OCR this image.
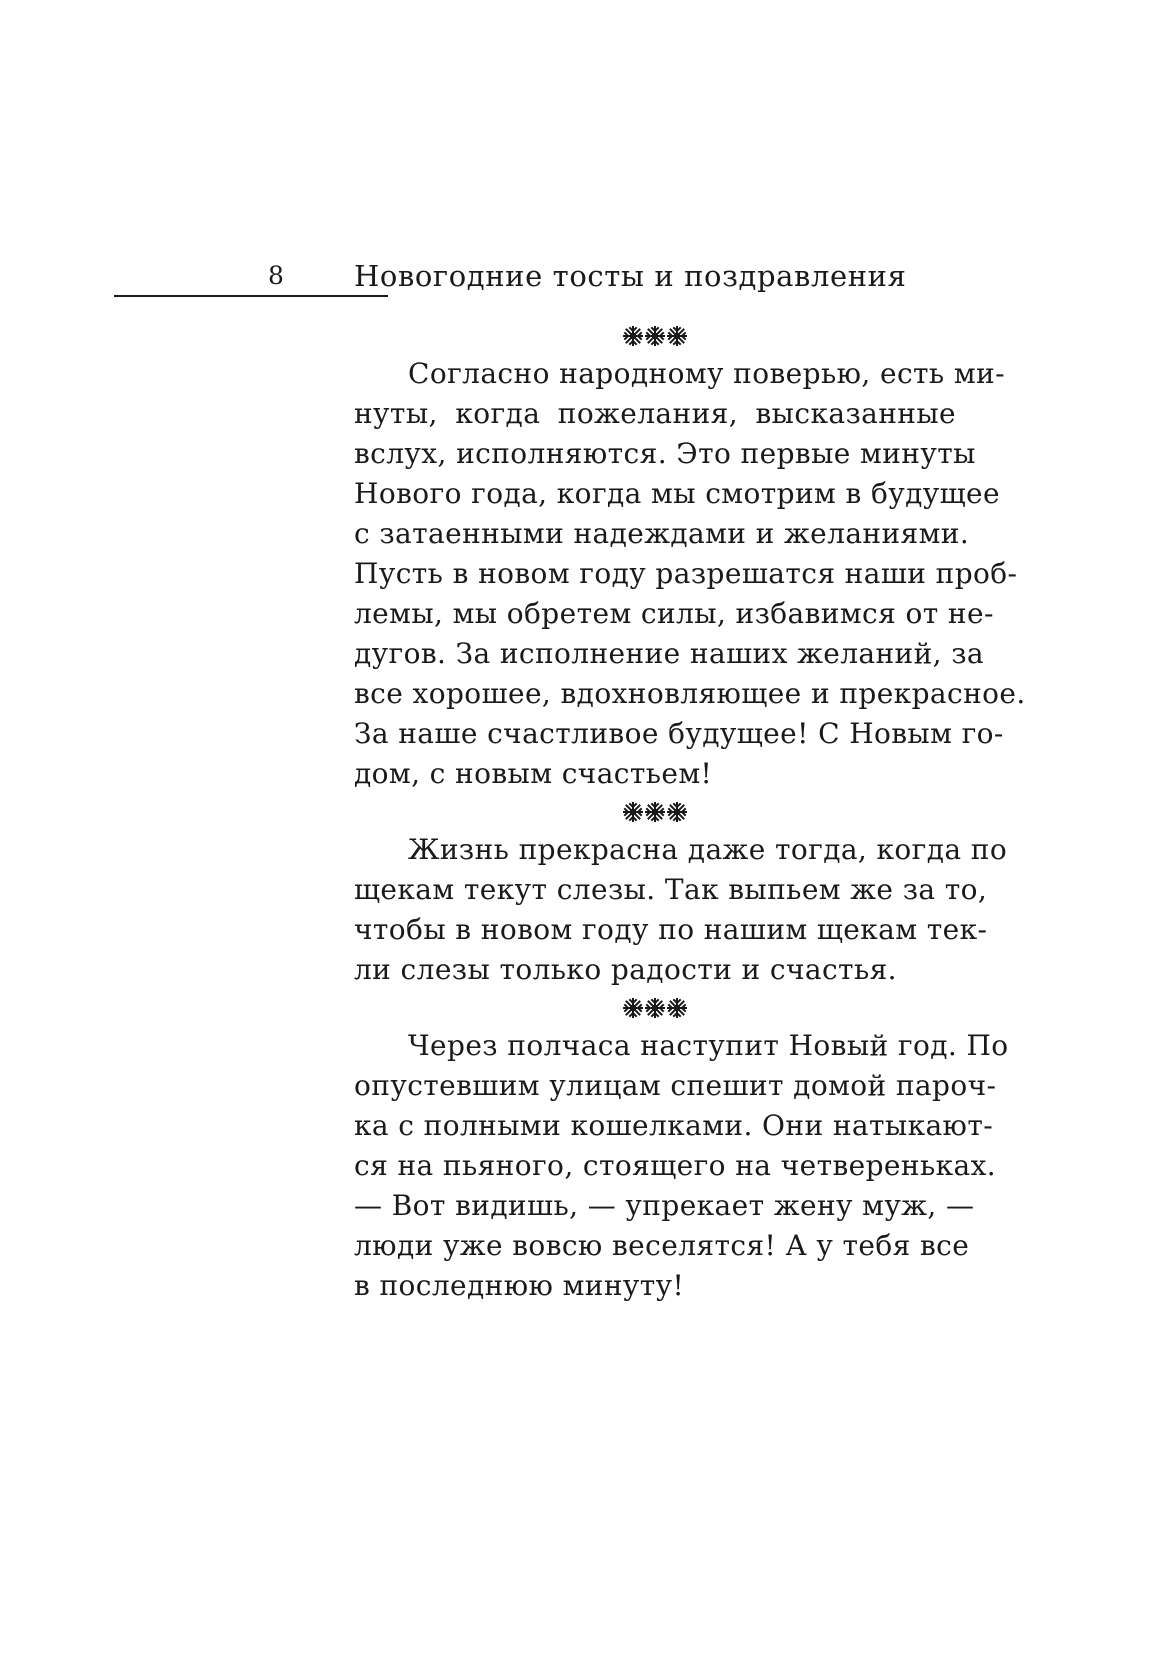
8	Новогодние тосты и поздравления
Согласно народному поверью, есть ми-
нуты, когда пожелания, высказанные
вслух, исполняются. Это первые минуты
Нового года, когда мы смотрим в будущее
с затаенными надеждами и желаниями.
Пусть в новом году разрешатся наши проб-
лемы, мы обретем силы, избавимся от не-
дугов. За исполнение наших желаний, за
все хорошее, вдохновляющее и прекрасное.
За наше счастливое будущее! С Новым го-
дом, с новым счастьем!
Жизнь прекрасна даже тогда, когда по
щекам текут слезы. Так выпьем же за то,
чтобы в новом году по нашим щекам тек-
ли слезы только радости и счастья.
Через полчаса наступит Новый год. По
опустевшим улицам спешит домой пароч-
ка с полными кошелками. Они натыкают-
ся на пьяного, стоящего на четвереньках.
— Вот видишь, — упрекает жену муж, —
люди уже вовсю веселятся! А у тебя все
в последнюю минуту!
